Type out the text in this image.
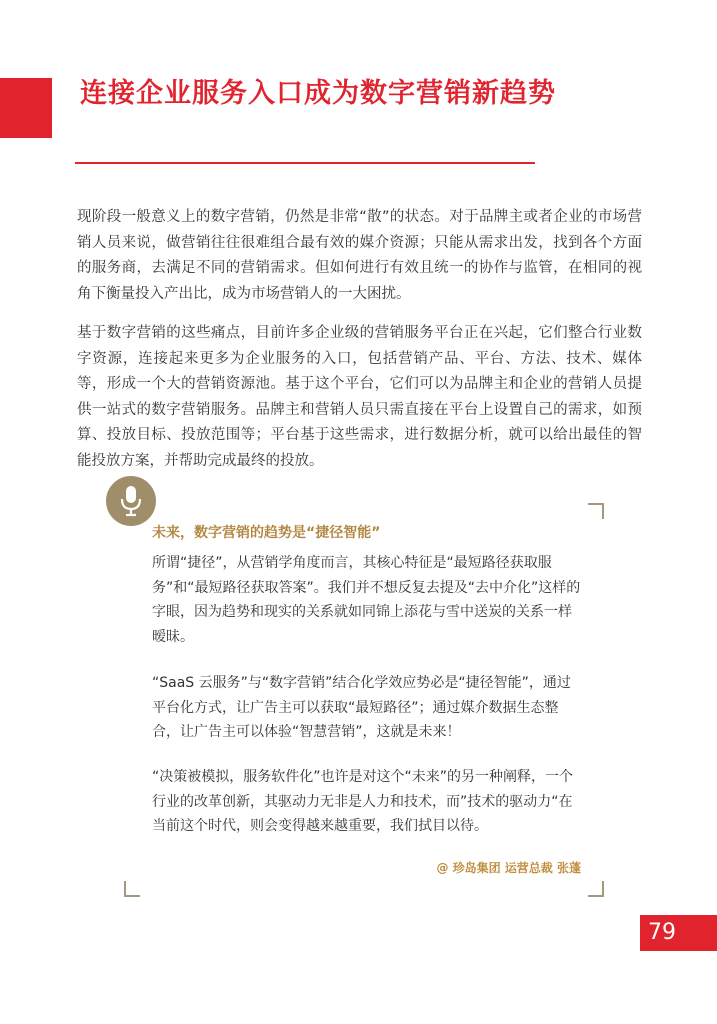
连接企业服务入口成为数字营销新趋势

现阶段一般意义上的数字营销，仍然是非常“散”的状态。对于品牌主或者企业的市场营销人员来说，做营销往往很难组合最有效的媒介资源；只能从需求出发，找到各个方面的服务商，去满足不同的营销需求。但如何进行有效且统一的协作与监管，在相同的视角下衡量投入产出比，成为市场营销人的一大困扰。

基于数字营销的这些痛点，目前许多企业级的营销服务平台正在兴起，它们整合行业数字资源，连接起来更多为企业服务的入口，包括营销产品、平台、方法、技术、媒体等，形成一个大的营销资源池。基于这个平台，它们可以为品牌主和企业的营销人员提供一站式的数字营销服务。品牌主和营销人员只需直接在平台上设置自己的需求，如预算、投放目标、投放范围等；平台基于这些需求，进行数据分析，就可以给出最佳的智能投放方案，并帮助完成最终的投放。

未来，数字营销的趋势是“捷径智能”

所谓“捷径”，从营销学角度而言，其核心特征是“最短路径获取服务”和“最短路径获取答案”。我们并不想反复去提及“去中介化”这样的字眼，因为趋势和现实的关系就如同锦上添花与雪中送炭的关系一样暧昧。

“SaaS 云服务”与“数字营销”结合化学效应势必是“捷径智能”，通过平台化方式，让广告主可以获取“最短路径”；通过媒介数据生态整合，让广告主可以体验“智慧营销”，这就是未来！

“决策被模拟，服务软件化”也许是对这个“未来”的另一种阐释，一个行业的改革创新，其驱动力无非是人力和技术，而”技术的驱动力“在当前这个时代，则会变得越来越重要，我们拭目以待。

@ 珍岛集团 运营总裁 张蓬

79
